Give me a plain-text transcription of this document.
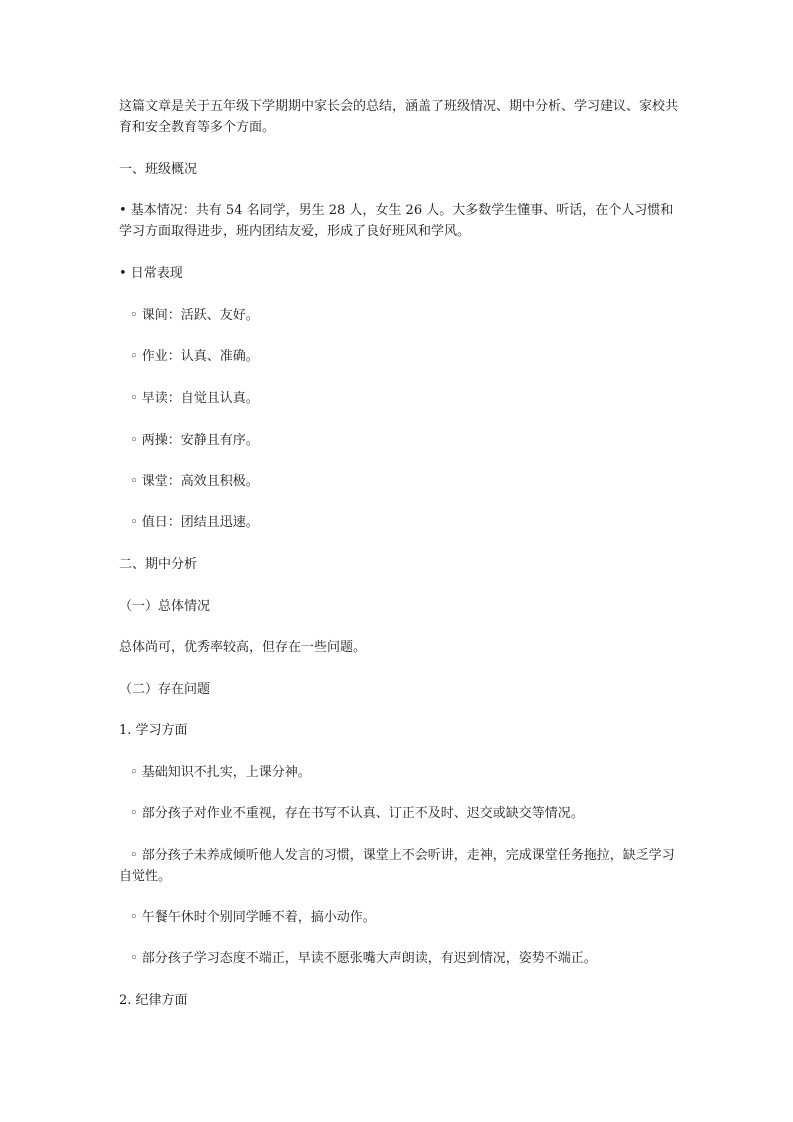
这篇文章是关于五年级下学期期中家长会的总结，涵盖了班级情况、期中分析、学习建议、家校共育和安全教育等多个方面。
一、班级概况
• 基本情况：共有 54 名同学，男生 28 人，女生 26 人。大多数学生懂事、听话，在个人习惯和学习方面取得进步，班内团结友爱，形成了良好班风和学风。
• 日常表现
◦ 课间：活跃、友好。
◦ 作业：认真、准确。
◦ 早读：自觉且认真。
◦ 两操：安静且有序。
◦ 课堂：高效且积极。
◦ 值日：团结且迅速。
二、期中分析
（一）总体情况
总体尚可，优秀率较高，但存在一些问题。
（二）存在问题
1. 学习方面
◦ 基础知识不扎实，上课分神。
◦ 部分孩子对作业不重视，存在书写不认真、订正不及时、迟交或缺交等情况。
◦ 部分孩子未养成倾听他人发言的习惯，课堂上不会听讲，走神，完成课堂任务拖拉，缺乏学习自觉性。
◦ 午餐午休时个别同学睡不着，搞小动作。
◦ 部分孩子学习态度不端正，早读不愿张嘴大声朗读，有迟到情况，姿势不端正。
2. 纪律方面
